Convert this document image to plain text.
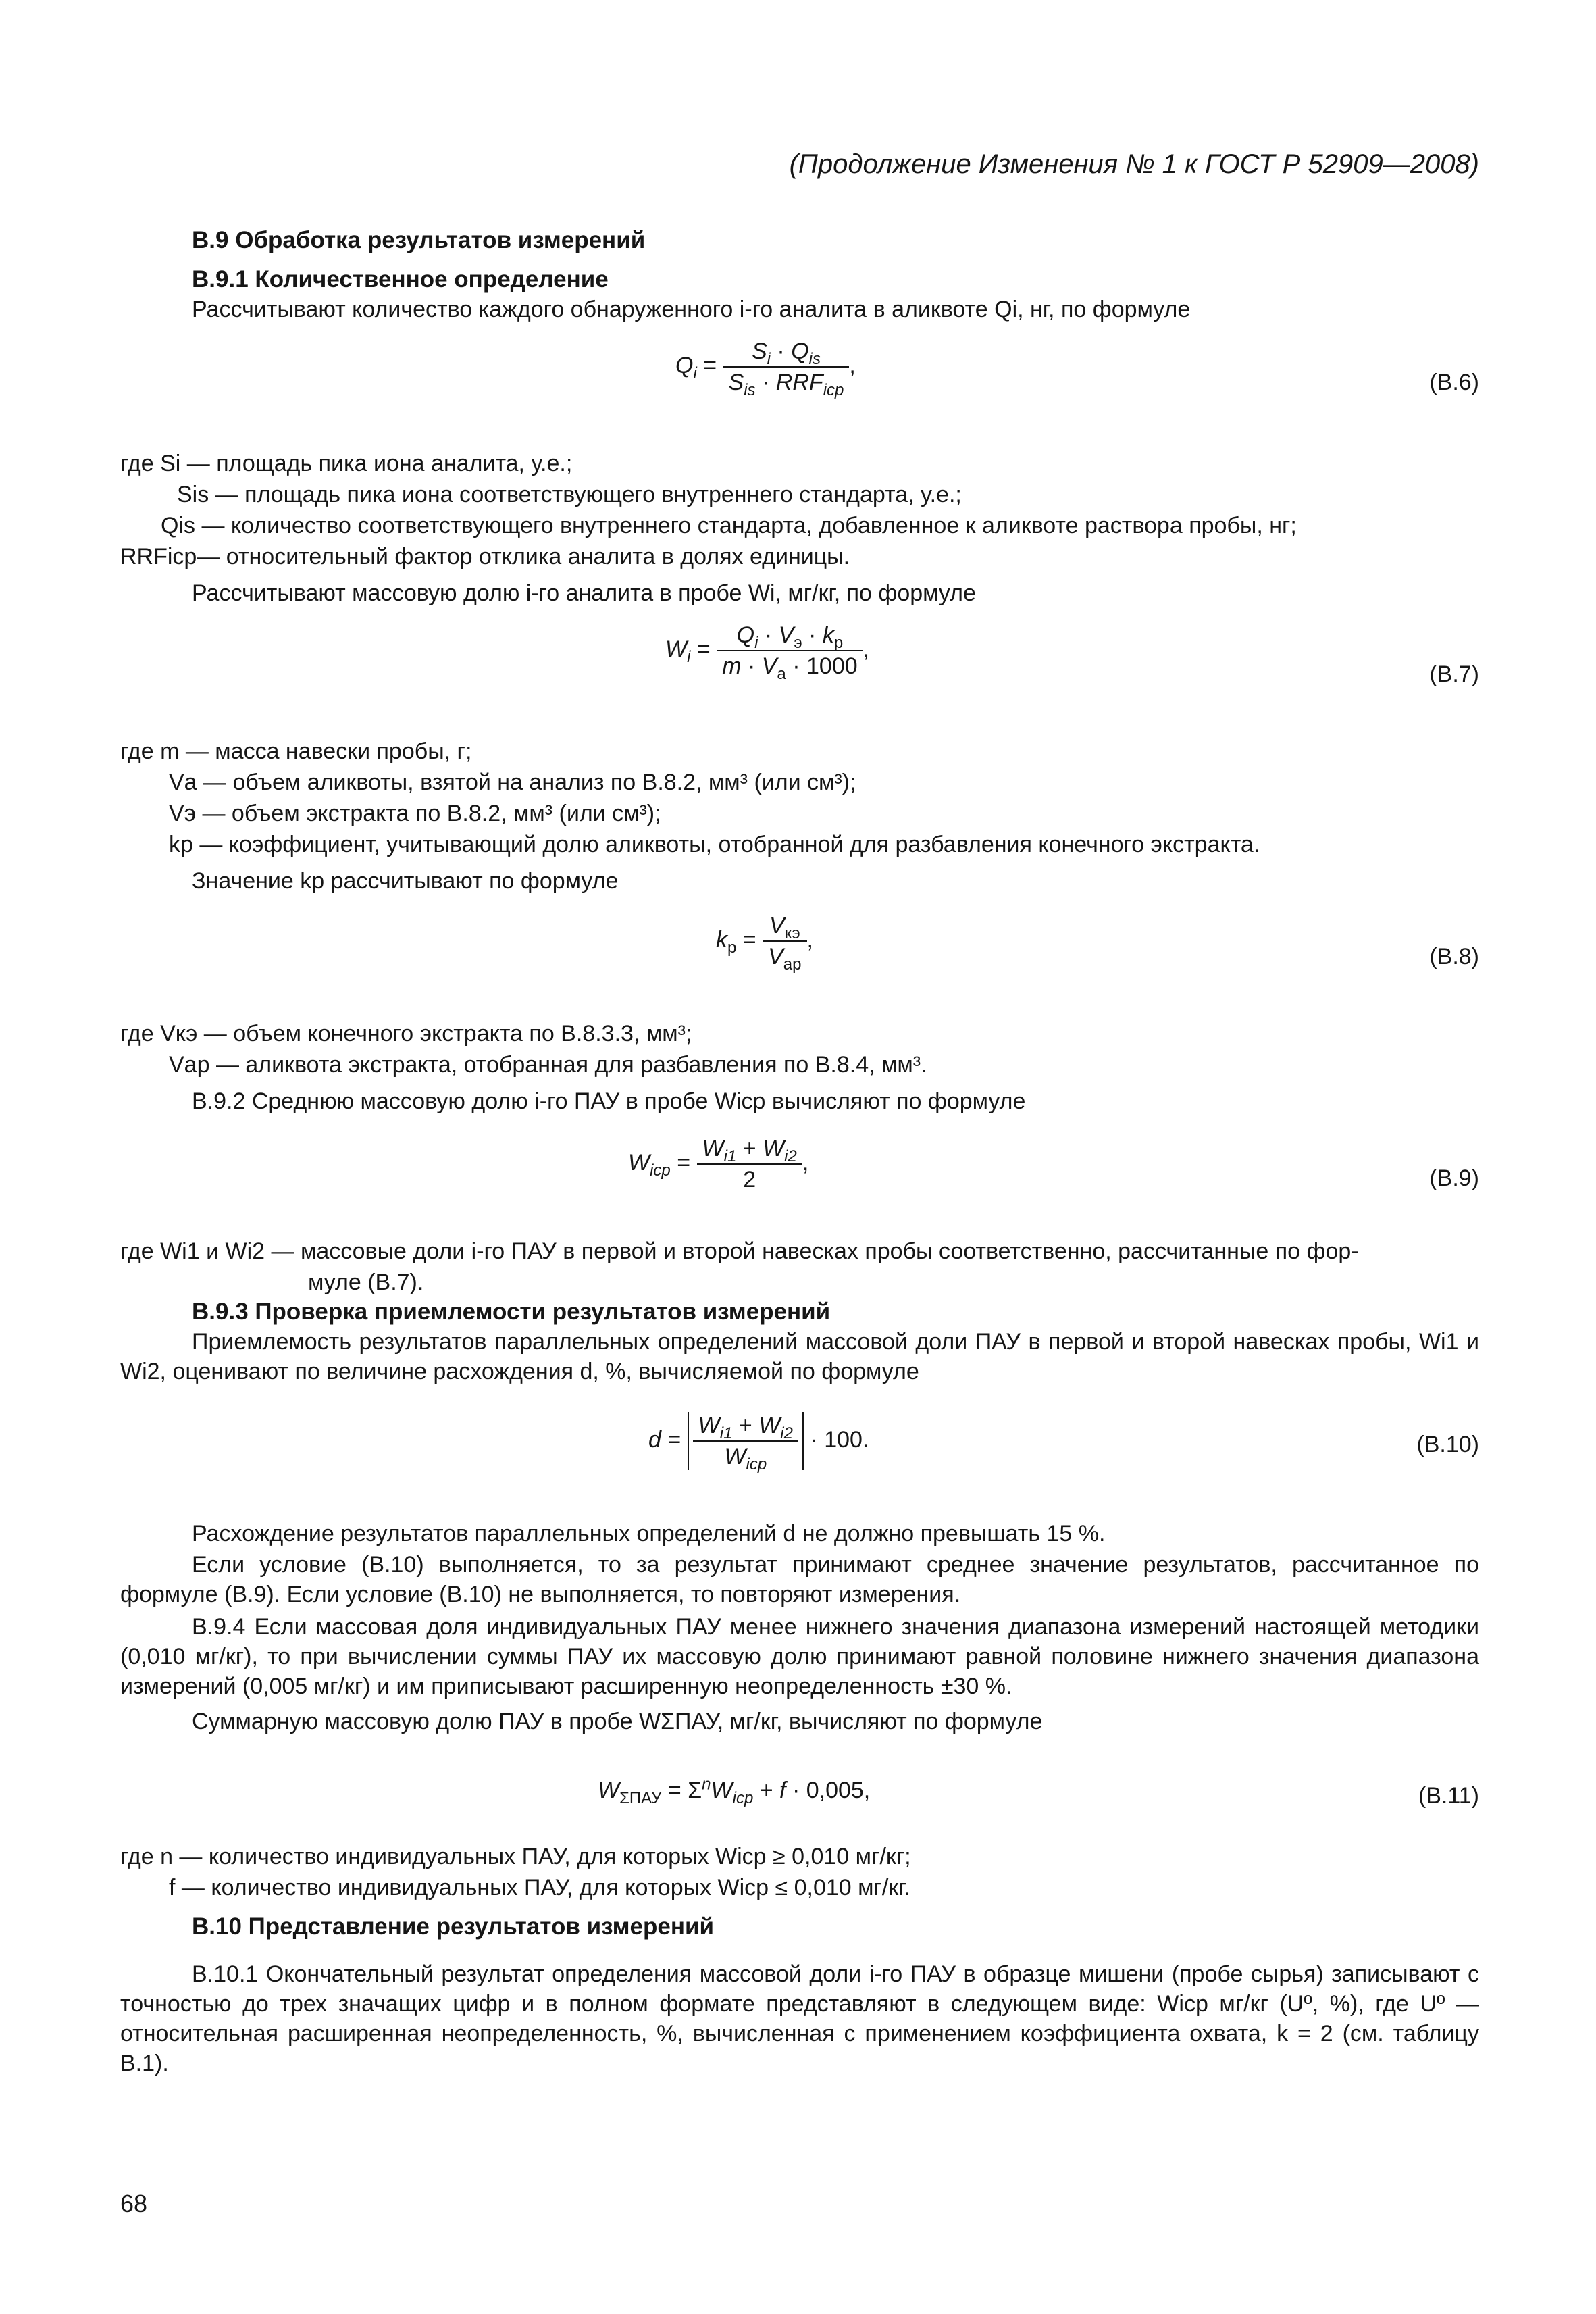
(Продолжение Изменения № 1 к ГОСТ Р 52909—2008)
В.9 Обработка результатов измерений
В.9.1 Количественное определение
Рассчитывают количество каждого обнаруженного i-го аналита в аликвоте Qi, нг, по формуле
$Q_i = \frac{S_i \cdot Q_{is}}{S_{is} \cdot RRF_{icp}}$ ,
(В.6)
где Si — площадь пика иона аналита, у.е.;
Sis — площадь пика иона соответствующего внутреннего стандарта, у.е.;
Qis — количество соответствующего внутреннего стандарта, добавленное к аликвоте раствора пробы, нг;
RRFicp— относительный фактор отклика аналита в долях единицы.
Рассчитывают массовую долю i-го аналита в пробе Wi, мг/кг, по формуле
$W_i = \frac{Q_i \cdot V_э \cdot k_р}{m \cdot V_а \cdot 1000}$ ,
(В.7)
где m — масса навески пробы, г;
Vа — объем аликвоты, взятой на анализ по В.8.2, мм³ (или см³);
Vэ — объем экстракта по В.8.2, мм³ (или см³);
kр — коэффициент, учитывающий долю аликвоты, отобранной для разбавления конечного экстракта.
Значение kр рассчитывают по формуле
$k_р = \frac{V_{кэ}}{V_{ар}}$ ,
(В.8)
где Vкэ — объем конечного экстракта по В.8.3.3, мм³;
Vар — аликвота экстракта, отобранная для разбавления по В.8.4, мм³.
В.9.2 Среднюю массовую долю i-го ПАУ в пробе Wicp вычисляют по формуле
$W_{icp} = \frac{W_{i1} + W_{i2}}{2}$ ,
(В.9)
где Wi1 и Wi2 — массовые доли i-го ПАУ в первой и второй навесках пробы соответственно, рассчитанные по фор-
муле (В.7).
В.9.3 Проверка приемлемости результатов измерений
Приемлемость результатов параллельных определений массовой доли ПАУ в первой и второй навесках пробы, Wi1 и Wi2, оценивают по величине расхождения d, %, вычисляемой по формуле
$d = \frac{W_{i1} + W_{i2}}{W_{icp}} \cdot 100$.	(В.10)
Расхождение результатов параллельных определений d не должно превышать 15 %.
Если условие (В.10) выполняется, то за результат принимают среднее значение результатов, рассчитанное по формуле (В.9). Если условие (В.10) не выполняется, то повторяют измерения.
В.9.4 Если массовая доля индивидуальных ПАУ менее нижнего значения диапазона измерений настоящей методики (0,010 мг/кг), то при вычислении суммы ПАУ их массовую долю принимают равной половине нижнего значения диапазона измерений (0,005 мг/кг) и им приписывают расширенную неопределенность ±30 %.
Суммарную массовую долю ПАУ в пробе WΣПАУ, мг/кг, вычисляют по формуле
$W_{\Sigma ПАУ} = \Sigma^nW_{icp} + f \cdot 0,005$,	(В.11)
где n — количество индивидуальных ПАУ, для которых Wicp ≥ 0,010 мг/кг;
f — количество индивидуальных ПАУ, для которых Wicp ≤ 0,010 мг/кг.
В.10 Представление результатов измерений
В.10.1 Окончательный результат определения массовой доли i-го ПАУ в образце мишени (пробе сырья) записывают с точностью до трех значащих цифр и в полном формате представляют в следующем виде: Wicp мг/кг (Uº, %), где Uº — относительная расширенная неопределенность, %, вычисленная с применением коэффициента охвата, k = 2 (см. таблицу В.1).
68
